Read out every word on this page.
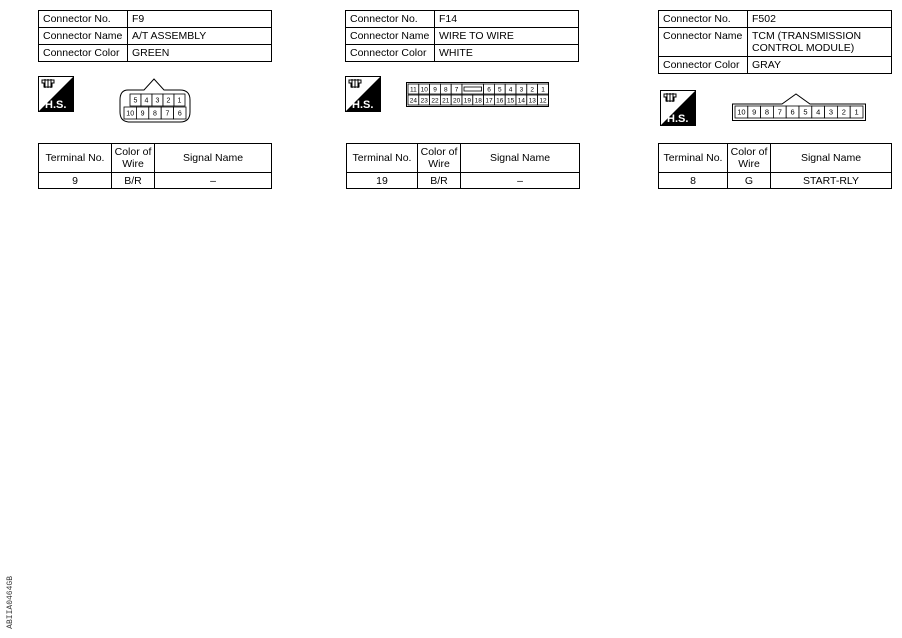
Connector No.	F9
Connector Name	A/T ASSEMBLY
Connector Color	GREEN
H.S.	5 4 3 2 1
10 9 8 7 6
Terminal No.	Color of Wire	Signal Name
9	B/R	–
Connector No.	F14
Connector Name	WIRE TO WIRE
Connector Color	WHITE
H.S.
11 10 9 8 7	6 5 4 3 2 1
24 23 22 21 20 19 18 17 16 15 14 13 12
Terminal No.	Color of Wire	Signal Name
19	B/R	–
Connector No.	F502
Connector Name	TCM (TRANSMISSION CONTROL MODULE)
Connector Color	GRAY
H.S.
10 9 8 7 6 5 4 3 2 1
Terminal No.	Color of Wire	Signal Name
8	G	START-RLY
ABIIA0464GB
